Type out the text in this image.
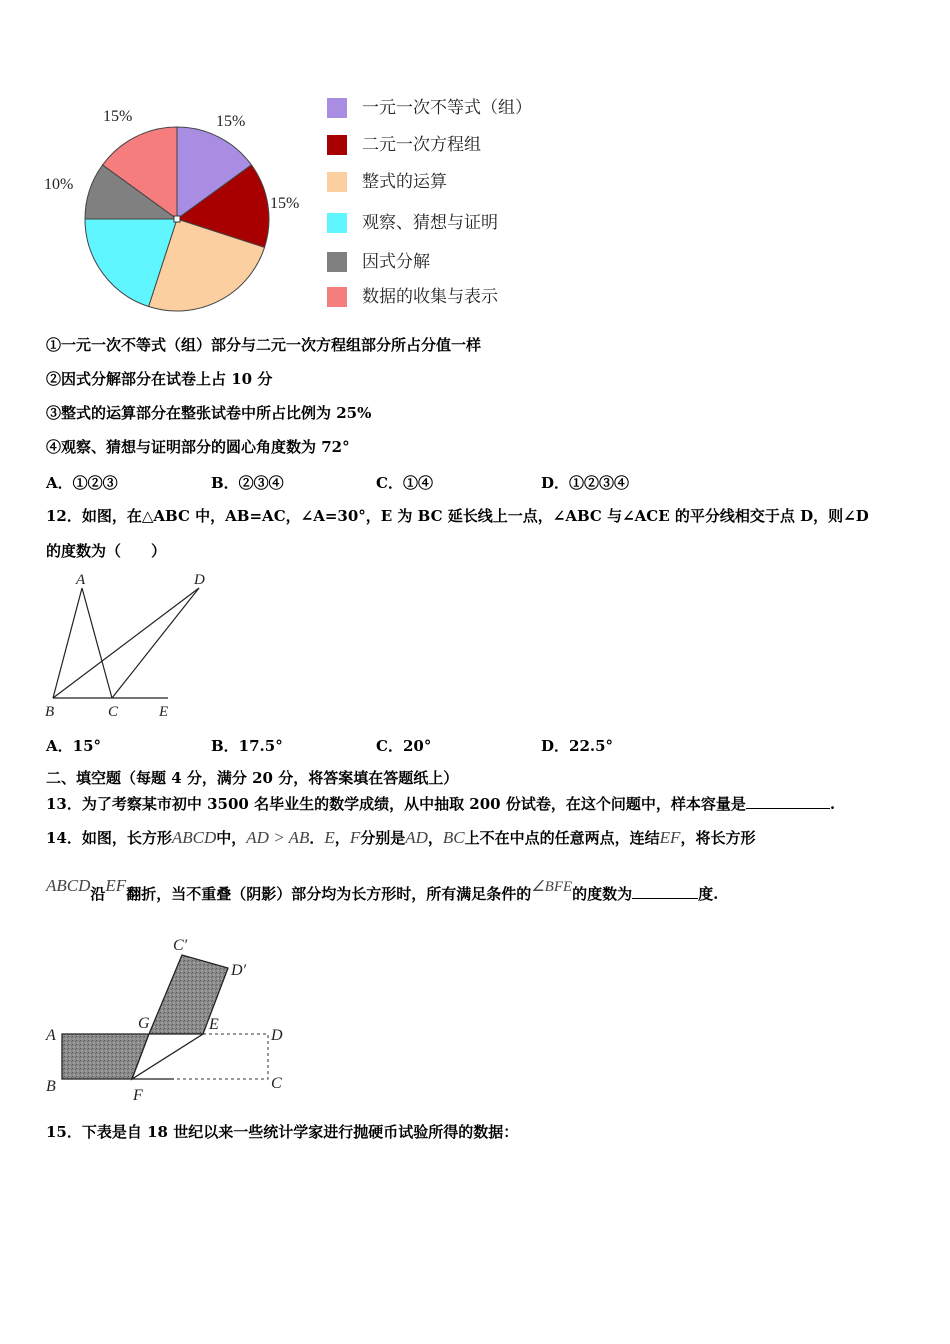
15%	15%
15%
10%
一元一次不等式（组）
二元一次方程组
整式的运算
观察、猜想与证明
因式分解
数据的收集与表示
①一元一次不等式（组）部分与二元一次方程组部分所占分值一样
②因式分解部分在试卷上占 10 分
③整式的运算部分在整张试卷中所占比例为 25%
④观察、猜想与证明部分的圆心角度数为 72°
A．①②③	B．②③④	C．①④	D．①②③④
12．如图，在△ABC 中，AB=AC，∠A=30°，E 为 BC 延长线上一点，∠ABC 与∠ACE 的平分线相交于点 D，则∠D
的度数为（　　）
A	D
B	C	E
A．15°	B．17.5°	C．20°	D．22.5°
二、填空题（每题 4 分，满分 20 分，将答案填在答题纸上）
13．为了考察某市初中 3500 名毕业生的数学成绩，从中抽取 200 份试卷，在这个问题中，样本容量是	.
14．如图，长方形ABCD中，AD > AB．E，F分别是AD，BC上不在中点的任意两点，连结EF，将长方形
ABCD沿EF翻折，当不重叠（阴影）部分均为长方形时，所有满足条件的∠BFE的度数为	度.
C′
D′
G	E
D
A
B	C
F
15．下表是自 18 世纪以来一些统计学家进行抛硬币试验所得的数据：
